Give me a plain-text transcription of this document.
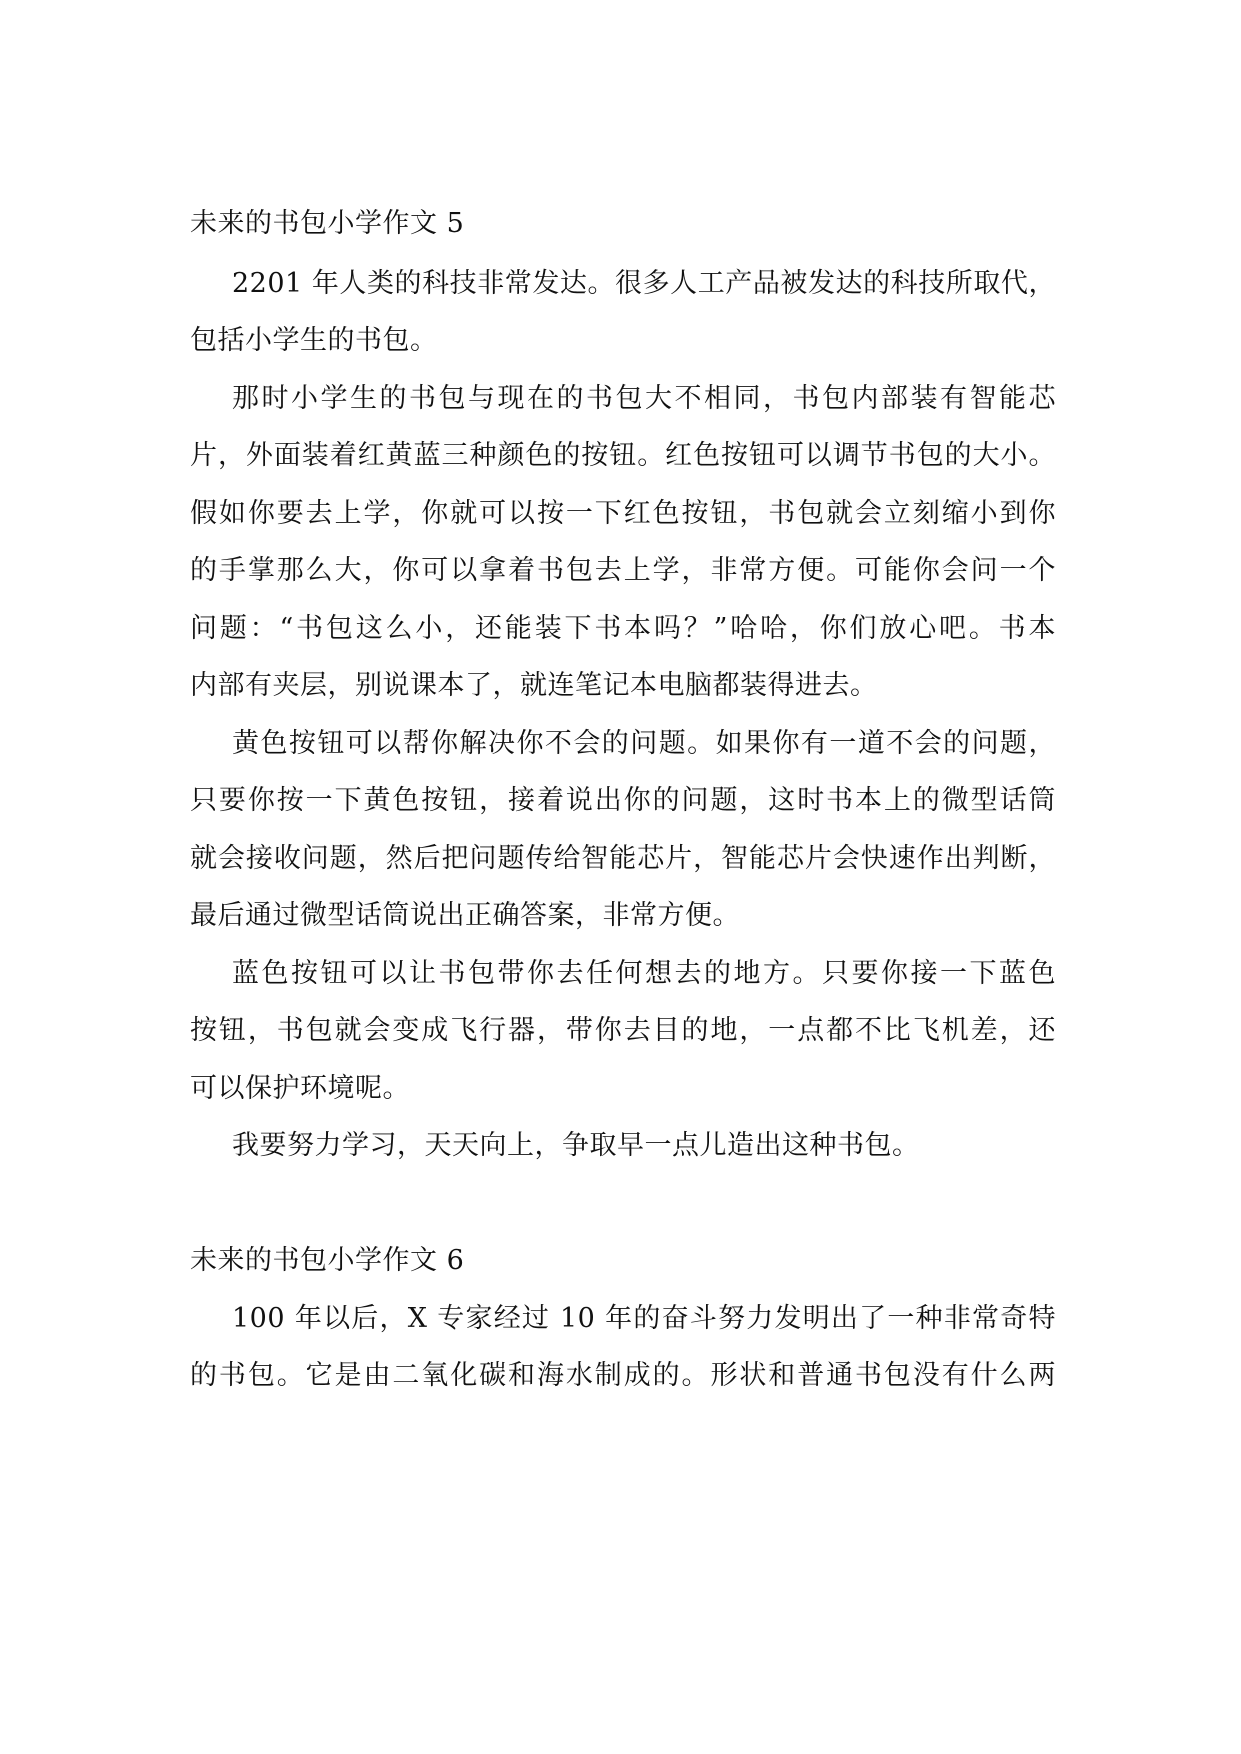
未来的书包小学作文 5
2201 年人类的科技非常发达。很多人工产品被发达的科技所取代，
包括小学生的书包。
那时小学生的书包与现在的书包大不相同，书包内部装有智能芯
片，外面装着红黄蓝三种颜色的按钮。红色按钮可以调节书包的大小。
假如你要去上学，你就可以按一下红色按钮，书包就会立刻缩小到你
的手掌那么大，你可以拿着书包去上学，非常方便。可能你会问一个
问题：“书包这么小，还能装下书本吗？”哈哈，你们放心吧。书本
内部有夹层，别说课本了，就连笔记本电脑都装得进去。
黄色按钮可以帮你解决你不会的问题。如果你有一道不会的问题，
只要你按一下黄色按钮，接着说出你的问题，这时书本上的微型话筒
就会接收问题，然后把问题传给智能芯片，智能芯片会快速作出判断，
最后通过微型话筒说出正确答案，非常方便。
蓝色按钮可以让书包带你去任何想去的地方。只要你接一下蓝色
按钮，书包就会变成飞行器，带你去目的地，一点都不比飞机差，还
可以保护环境呢。
我要努力学习，天天向上，争取早一点儿造出这种书包。
未来的书包小学作文 6
100 年以后，X 专家经过 10 年的奋斗努力发明出了一种非常奇特
的书包。它是由二氧化碳和海水制成的。形状和普通书包没有什么两
